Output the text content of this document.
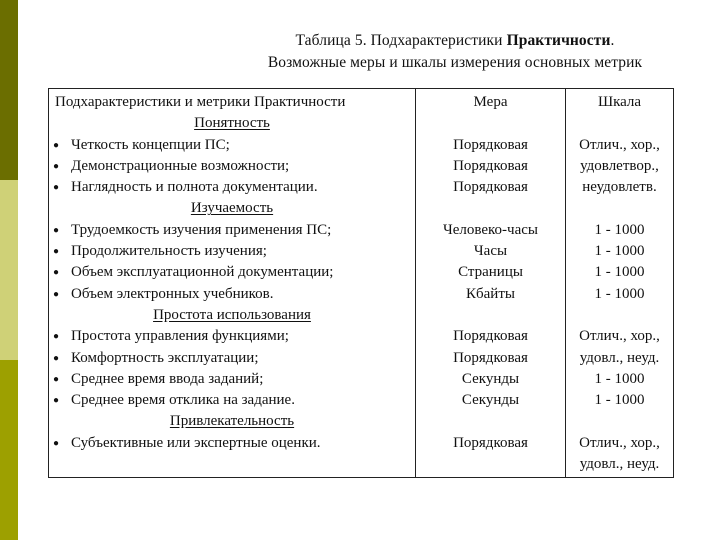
Таблица 5. Подхарактеристики Практичности.
Возможные меры и шкалы измерения основных метрик
Подхарактеристики и метрики Практичности
Понятность
● Четкость концепции ПС;
● Демонстрационные возможности;
● Наглядность и полнота документации.
Изучаемость
● Трудоемкость изучения применения ПС;
● Продолжительность изучения;
● Объем эксплуатационной документации;
● Объем электронных учебников.
Простота использования
● Простота управления функциями;
● Комфортность эксплуатации;
● Среднее время ввода заданий;
● Среднее время отклика на задание.
Привлекательность
● Субъективные или экспертные оценки.
Мера
Порядковая
Порядковая
Порядковая
Человеко-часы
Часы
Страницы
Кбайты
Порядковая
Порядковая
Секунды
Секунды
Порядковая
Шкала
Отлич., хор.,
удовлетвор.,
неудовлетв.
1 - 1000
1 - 1000
1 - 1000
1 - 1000
Отлич., хор.,
удовл., неуд.
1 - 1000
1 - 1000
Отлич., хор.,
удовл., неуд.
